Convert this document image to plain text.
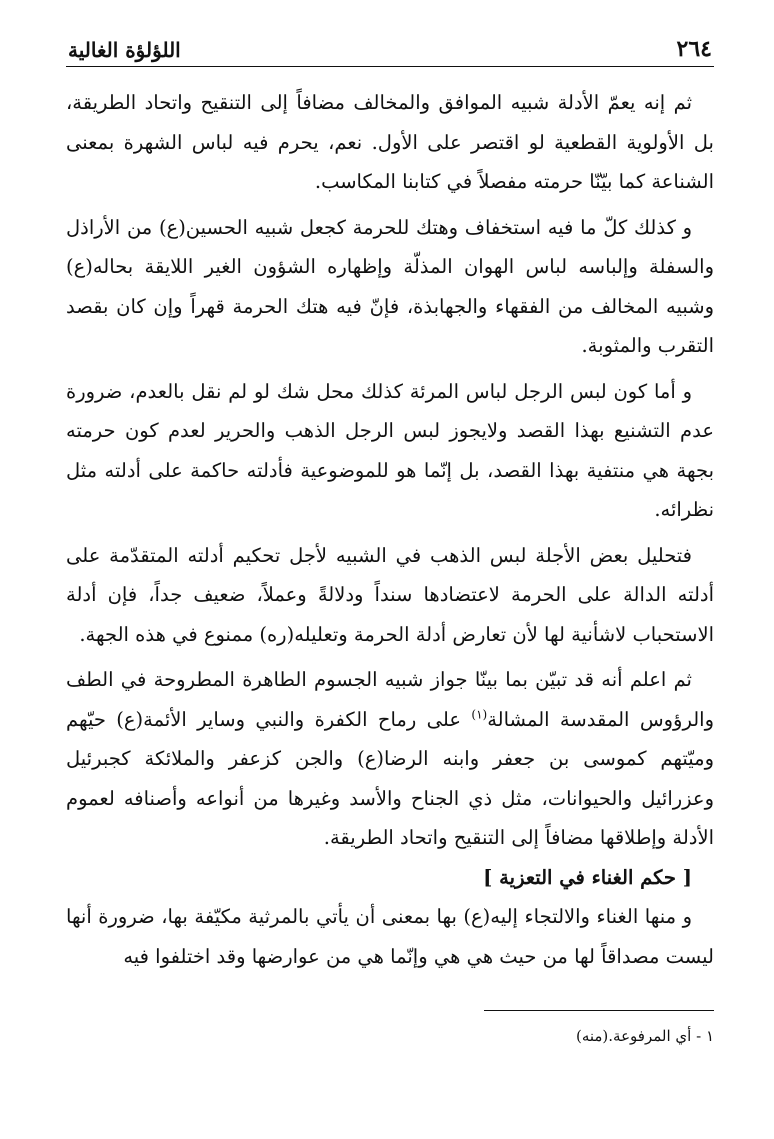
٢٦٤
اللؤلؤة الغالية

ثم إنه يعمّ الأدلة شبيه الموافق والمخالف مضافاً إلى التنقيح واتحاد الطريقة، بل الأولوية القطعية لو اقتصر على الأول. نعم، يحرم فيه لباس الشهرة بمعنى الشناعة كما بيّنّا حرمته مفصلاً في كتابنا المكاسب.

و كذلك كلّ ما فيه استخفاف وهتك للحرمة كجعل شبيه الحسين(ع) من الأراذل والسفلة وإلباسه لباس الهوان المذلّة وإظهاره الشؤون الغير اللايقة بحاله(ع) وشبيه المخالف من الفقهاء والجهابذة، فإنّ فيه هتك الحرمة قهراً وإن كان بقصد التقرب والمثوبة.

و أما كون لبس الرجل لباس المرئة كذلك محل شك لو لم نقل بالعدم، ضرورة عدم التشنيع بهذا القصد ولايجوز لبس الرجل الذهب والحرير لعدم كون حرمته بجهة هي منتفية بهذا القصد، بل إنّما هو للموضوعية فأدلته حاكمة على أدلته مثل نظرائه.

فتحليل بعض الأجلة لبس الذهب في الشبيه لأجل تحكيم أدلته المتقدّمة على أدلته الدالة على الحرمة لاعتضادها سنداً ودلالةً وعملاً، ضعيف جداً، فإن أدلة الاستحباب لاشأنية لها لأن تعارض أدلة الحرمة وتعليله(ره) ممنوع في هذه الجهة.

ثم اعلم أنه قد تبيّن بما بينّا جواز شبيه الجسوم الطاهرة المطروحة في الطف والرؤوس المقدسة المشالة$^{(١)}$ على رماح الكفرة والنبي وساير الأئمة(ع) حيّهم وميّتهم كموسى بن جعفر وابنه الرضا(ع) والجن كزعفر والملائكة كجبرئيل وعزرائيل والحيوانات، مثل ذي الجناح والأسد وغيرها من أنواعه وأصنافه لعموم الأدلة وإطلاقها مضافاً إلى التنقيح واتحاد الطريقة.

[ حكم الغناء في التعزية ]

و منها الغناء والالتجاء إليه(ع) بها بمعنى أن يأتي بالمرثية مكيّفة بها، ضرورة أنها ليست مصداقاً لها من حيث هي هي وإنّما هي من عوارضها وقد اختلفوا فيه

١ - أي المرفوعة.(منه)
